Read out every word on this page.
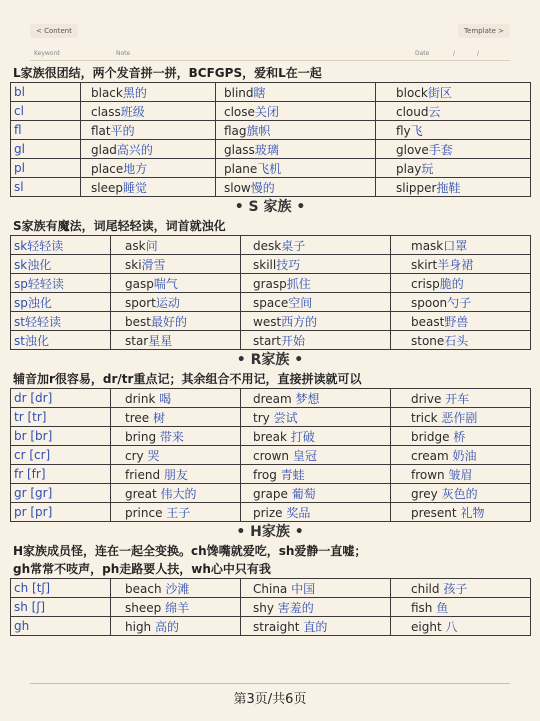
< Content	Template >
Keyword	Note	Date	/	/
L家族很团结，两个发音拼一拼，BCFGPS，爱和L在一起
bl	black黑的	blind瞎	block街区
cl	class班级	close关闭	cloud云
fl	flat平的	flag旗帜	fly飞
gl	glad高兴的	glass玻璃	glove手套
pl	place地方	plane飞机	play玩
sl	sleep睡觉	slow慢的	slipper拖鞋
• S 家族 •
S家族有魔法，词尾轻轻读，词首就浊化
sk轻轻读	ask问	desk桌子	mask口罩
sk浊化	ski滑雪	skill技巧	skirt半身裙
sp轻轻读	gasp喘气	grasp抓住	crisp脆的
sp浊化	sport运动	space空间	spoon勺子
st轻轻读	best最好的	west西方的	beast野兽
st浊化	star星星	start开始	stone石头
• R家族 •
辅音加r很容易，dr/tr重点记；其余组合不用记，直接拼读就可以
dr [dr]	drink 喝	dream 梦想	drive 开车
tr [tr]	tree 树	try 尝试	trick 恶作剧
br [br]	bring 带来	break 打破	bridge 桥
cr [cr]	cry 哭	crown 皇冠	cream 奶油
fr [fr]	friend 朋友	frog 青蛙	frown 皱眉
gr [gr]	great 伟大的	grape 葡萄	grey 灰色的
pr [pr]	prince 王子	prize 奖品	present 礼物
• H家族 •
H家族成员怪，连在一起全变换。ch馋嘴就爱吃，sh爱静一直嘘；
gh常常不吱声，ph走路要人扶，wh心中只有我
ch [tʃ]	beach 沙滩	China 中国	child 孩子
sh [ʃ]	sheep 绵羊	shy 害羞的	fish 鱼
gh	high 高的	straight 直的	eight 八
第3页/共6页
